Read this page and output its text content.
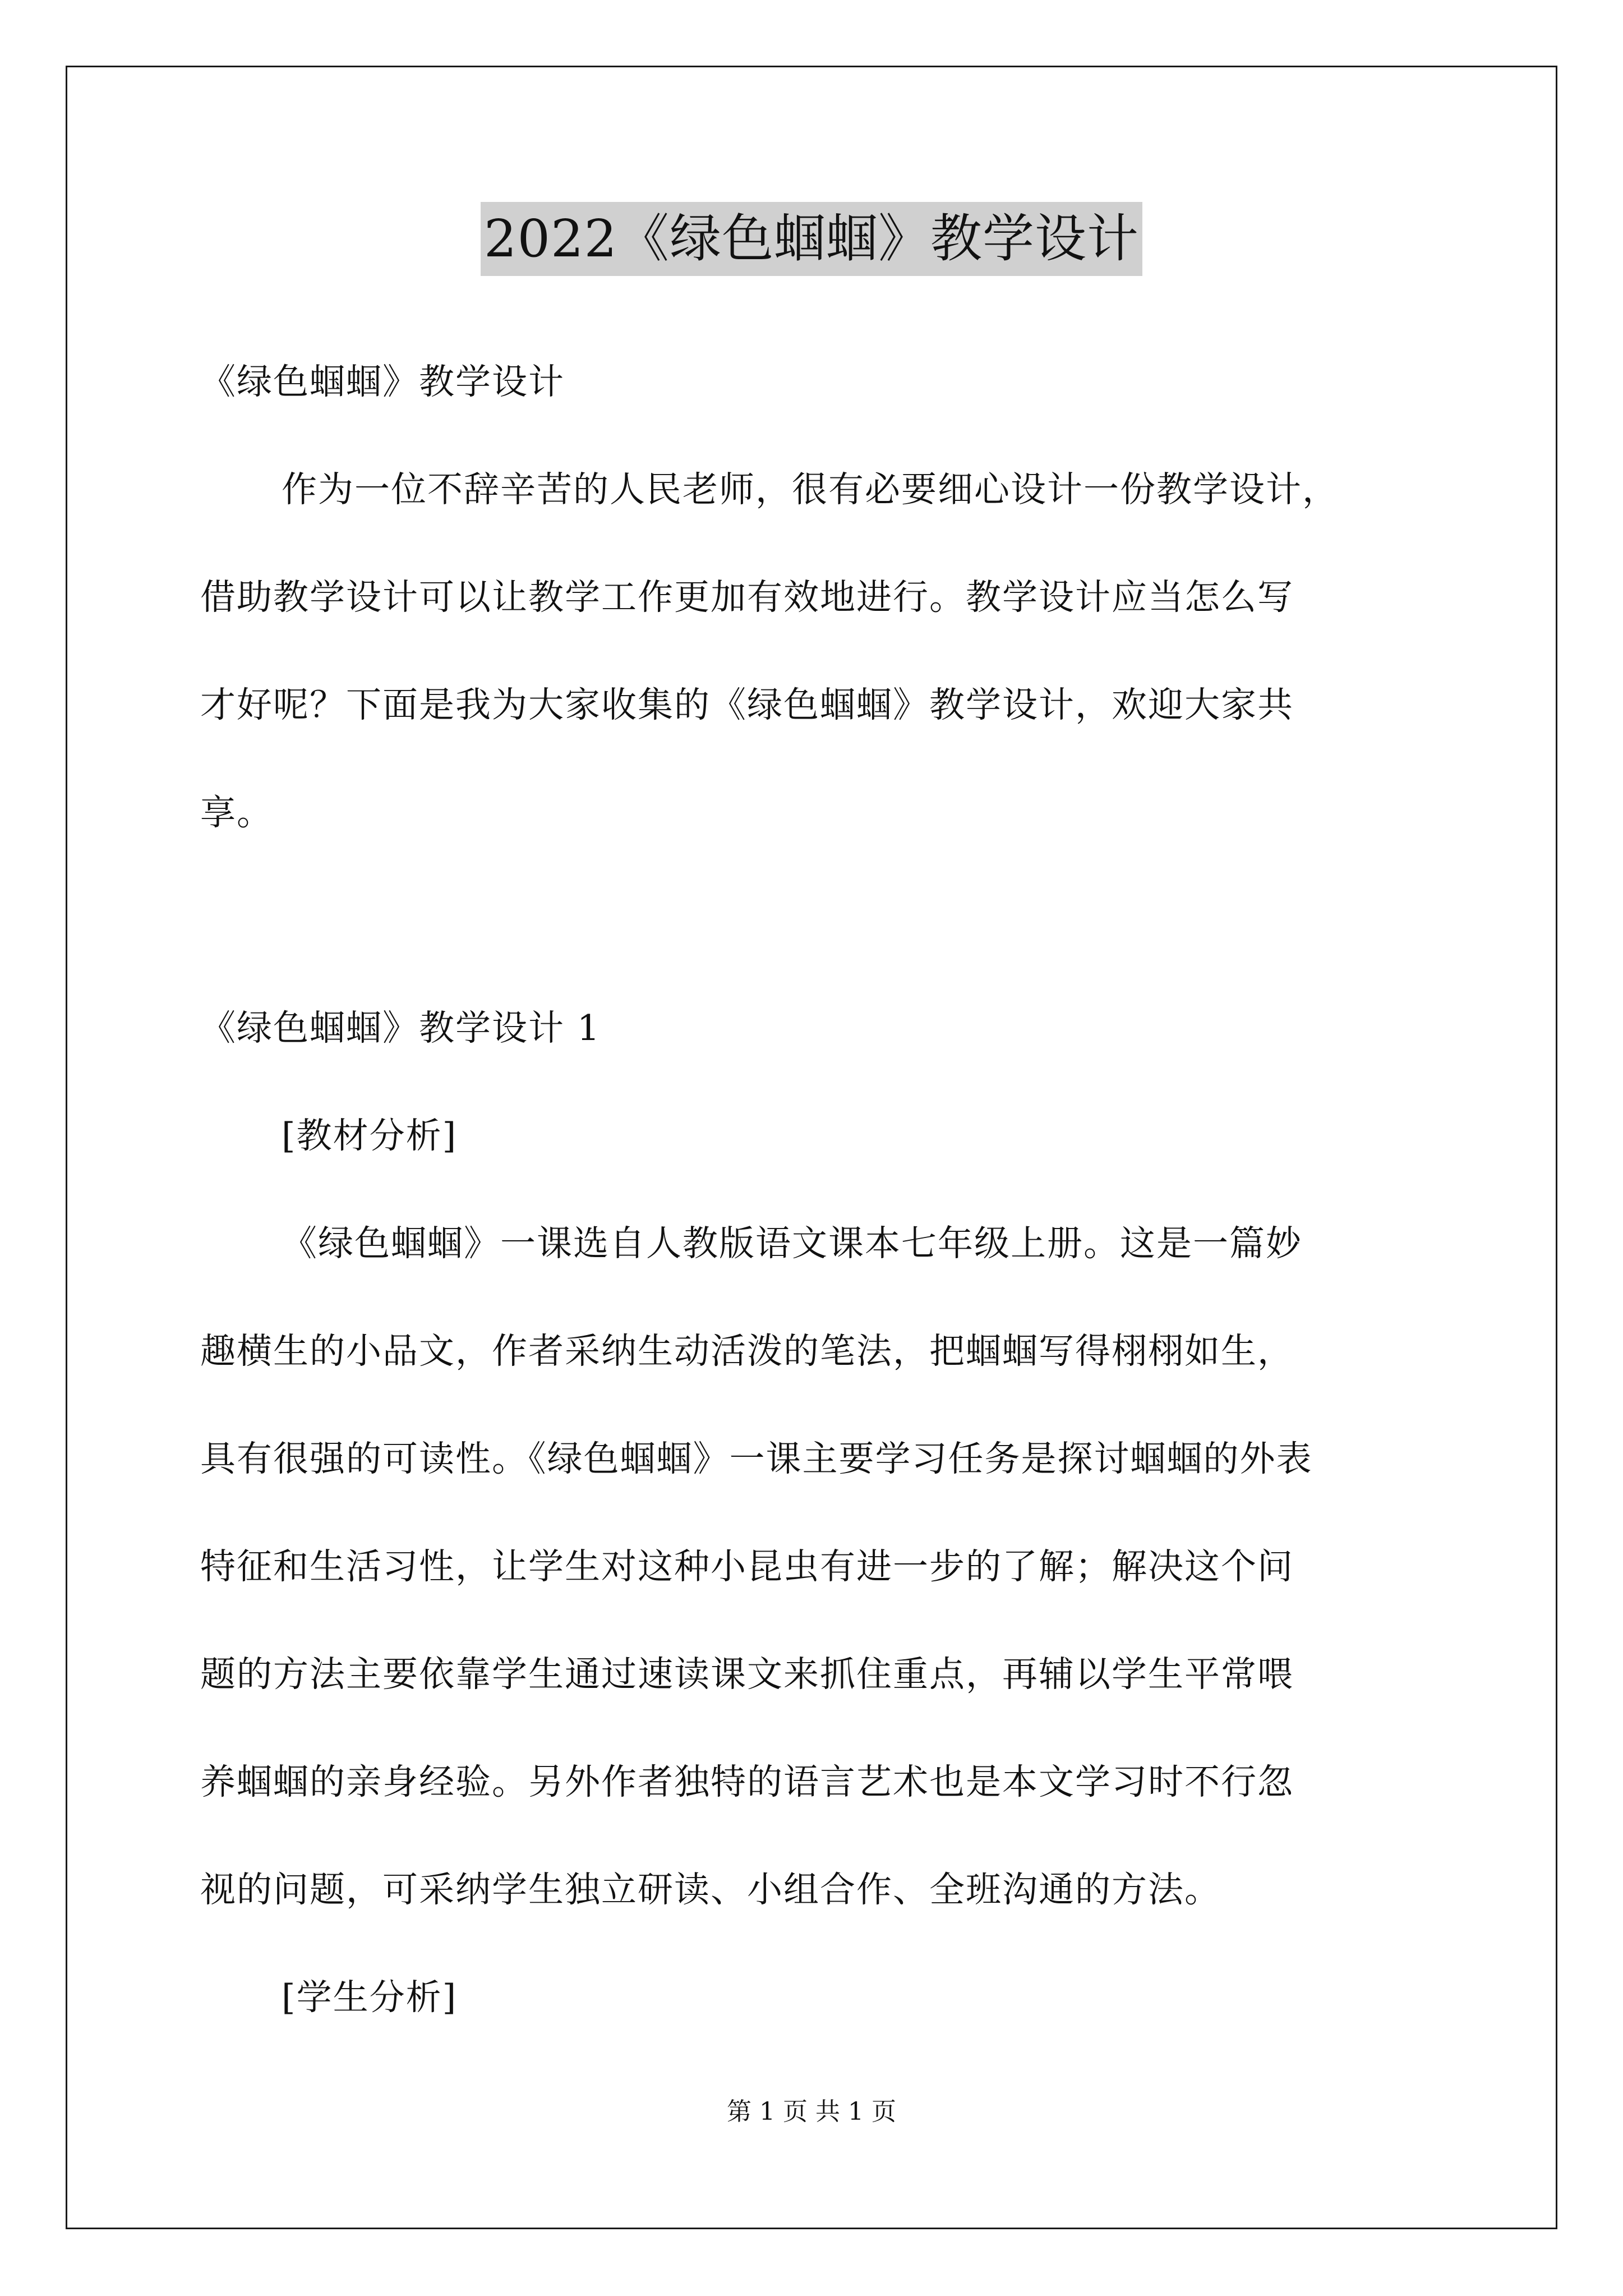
2022《绿色蝈蝈》教学设计
《绿色蝈蝈》教学设计
作为一位不辞辛苦的人民老师，很有必要细心设计一份教学设计，
借助教学设计可以让教学工作更加有效地进行。教学设计应当怎么写
才好呢？下面是我为大家收集的《绿色蝈蝈》教学设计，欢迎大家共
享。
《绿色蝈蝈》教学设计 1
[教材分析]
《绿色蝈蝈》一课选自人教版语文课本七年级上册。这是一篇妙
趣横生的小品文，作者采纳生动活泼的笔法，把蝈蝈写得栩栩如生，
具有很强的可读性。《绿色蝈蝈》一课主要学习任务是探讨蝈蝈的外表
特征和生活习性，让学生对这种小昆虫有进一步的了解；解决这个问
题的方法主要依靠学生通过速读课文来抓住重点，再辅以学生平常喂
养蝈蝈的亲身经验。另外作者独特的语言艺术也是本文学习时不行忽
视的问题，可采纳学生独立研读、小组合作、全班沟通的方法。
[学生分析]
第 1 页 共 1 页
